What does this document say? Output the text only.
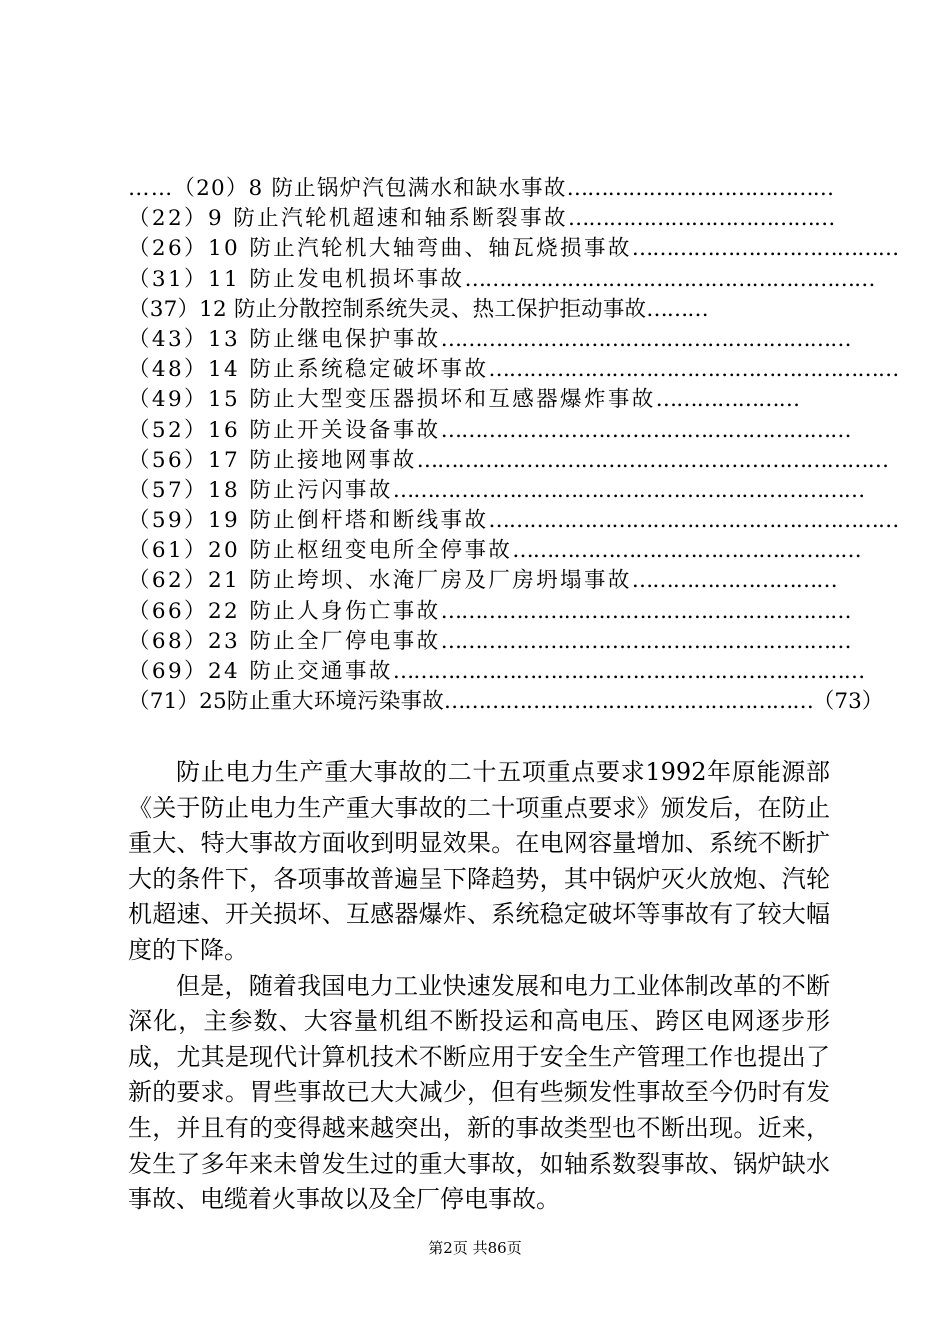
……（20）8 防止锅炉汽包满水和缺水事故 …………………………………
（22）9 防止汽轮机超速和轴系断裂事故 …………………………………
（26）10 防止汽轮机大轴弯曲、轴瓦烧损事故 …………………………………
（31）11 防止发电机损坏事故 ……………………………………………………
（37）12 防止分散控制系统失灵、热工保护拒动事故 ………
（43）13 防止继电保护事故 ……………………………………………………
（48）14 防止系统稳定破坏事故 ……………………………………………………
（49）15 防止大型变压器损坏和互感器爆炸事故 …………………
（52）16 防止开关设备事故 ……………………………………………………
（56）17 防止接地网事故 ……………………………………………………………
（57）18 防止污闪事故 ……………………………………………………………
（59）19 防止倒杆塔和断线事故 ……………………………………………………
（61）20 防止枢纽变电所全停事故 ……………………………………………
（62）21 防止垮坝、水淹厂房及厂房坍塌事故 …………………………
（66）22 防止人身伤亡事故 ……………………………………………………
（68）23 防止全厂停电事故 ……………………………………………………
（69）24 防止交通事故 ……………………………………………………………
（71）25防止重大环境污染事故 ……………………………………………… （73）

防止电力生产重大事故的二十五项重点要求1992年原能源部《关于防止电力生产重大事故的二十项重点要求》颁发后，在防止重大、特大事故方面收到明显效果。在电网容量增加、系统不断扩大的条件下，各项事故普遍呈下降趋势，其中锅炉灭火放炮、汽轮机超速、开关损坏、互感器爆炸、系统稳定破坏等事故有了较大幅度的下降。

但是，随着我国电力工业快速发展和电力工业体制改革的不断深化，主参数、大容量机组不断投运和高电压、跨区电网逐步形成，尤其是现代计算机技术不断应用于安全生产管理工作也提出了新的要求。胃些事故已大大减少，但有些频发性事故至今仍时有发生，并且有的变得越来越突出，新的事故类型也不断出现。近来，发生了多年来未曾发生过的重大事故，如轴系数裂事故、锅炉缺水事故、电缆着火事故以及全厂停电事故。

第2页 共86页
